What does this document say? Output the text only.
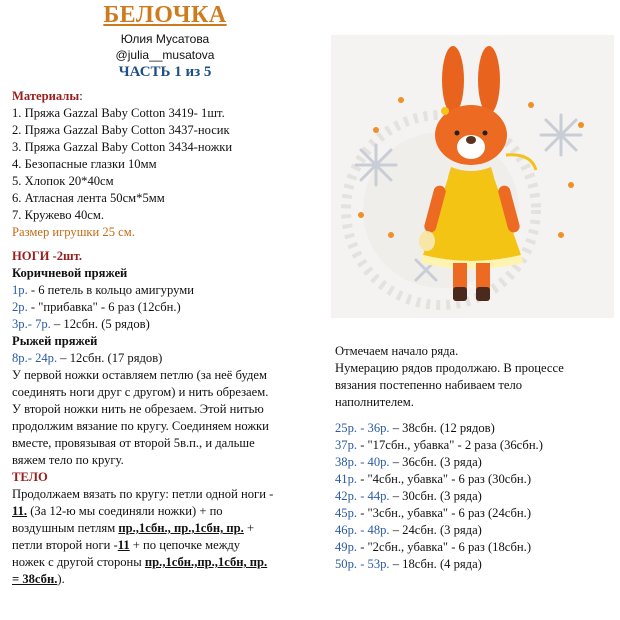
БЕЛОЧКА
Юлия Мусатова
@julia__musatova
ЧАСТЬ 1 из 5
Материалы:
1. Пряжа Gazzal Baby Cotton 3419- 1шт.
2. Пряжа Gazzal Baby Cotton 3437-носик
3. Пряжа Gazzal Baby Cotton 3434-ножки
4. Безопасные глазки 10мм
5. Хлопок 20*40см
6. Атласная лента 50см*5мм
7. Кружево 40см.
Размер игрушки 25 см.
НОГИ -2шт.
Коричневой пряжей
1р. - 6 петель в кольцо амигуруми
2р. - "прибавка" - 6 раз (12сбн.)
3р.- 7р. – 12сбн. (5 рядов)
Рыжей пряжей
8р.- 24р. – 12сбн. (17 рядов)
У первой ножки оставляем петлю (за неё будем
соединять ноги друг с другом) и нить обрезаем.
У второй ножки нить не обрезаем. Этой нитью
продолжим вязание по кругу. Соединяем ножки
вместе, провязывая от второй 5в.п., и дальше
вяжем тело по кругу.
ТЕЛО
Продолжаем вязать по кругу: петли одной ноги -
11. (За 12-ю мы соединяли ножки) + по
воздушным петлям пр.,1сбн., пр.,1сбн, пр. +
петли второй ноги -11 + по цепочке между
ножек с другой стороны пр.,1сбн.,пр.,1сбн, пр.
= 38сбн.).
Отмечаем начало ряда.
Нумерацию рядов продолжаю. В процессе
вязания постепенно набиваем тело
наполнителем.
25р. - 36р. – 38сбн. (12 рядов)
37р. - "17сбн., убавка" - 2 раза (36сбн.)
38р. - 40р. – 36сбн. (3 ряда)
41р. - "4сбн., убавка" - 6 раз (30сбн.)
42р. - 44р. – 30сбн. (3 ряда)
45р. - "3сбн., убавка" - 6 раз (24сбн.)
46р. - 48р. – 24сбн. (3 ряда)
49р. - "2сбн., убавка" - 6 раз (18сбн.)
50р. - 53р. – 18сбн. (4 ряда)
